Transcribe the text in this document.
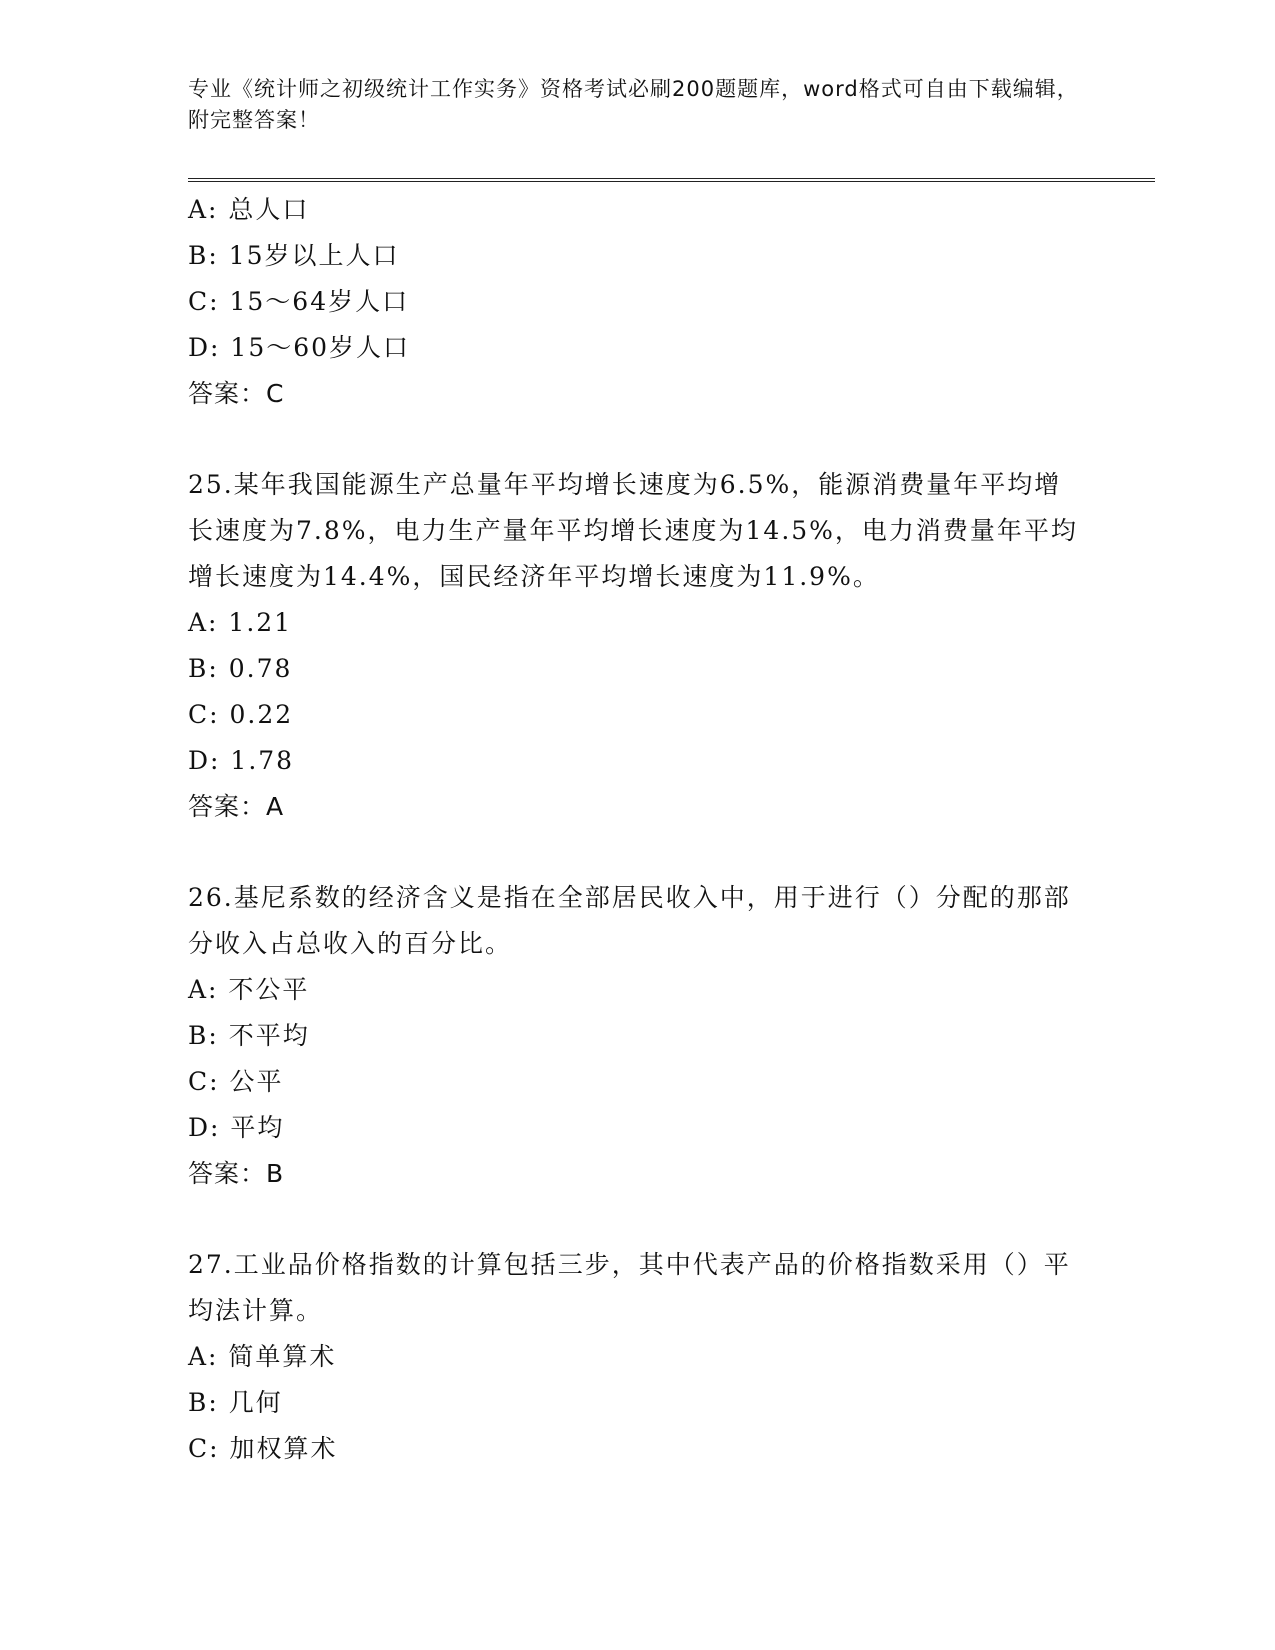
专业《统计师之初级统计工作实务》资格考试必刷200题题库，word格式可自由下载编辑，附完整答案！
A: 总人口
B: 15岁以上人口
C: 15～64岁人口
D: 15～60岁人口
答案：C
25.某年我国能源生产总量年平均增长速度为6.5%，能源消费量年平均增长速度为7.8%，电力生产量年平均增长速度为14.5%，电力消费量年平均增长速度为14.4%，国民经济年平均增长速度为11.9%。
A: 1.21
B: 0.78
C: 0.22
D: 1.78
答案：A
26.基尼系数的经济含义是指在全部居民收入中，用于进行（）分配的那部分收入占总收入的百分比。
A: 不公平
B: 不平均
C: 公平
D: 平均
答案：B
27.工业品价格指数的计算包括三步，其中代表产品的价格指数采用（）平均法计算。
A: 简单算术
B: 几何
C: 加权算术
